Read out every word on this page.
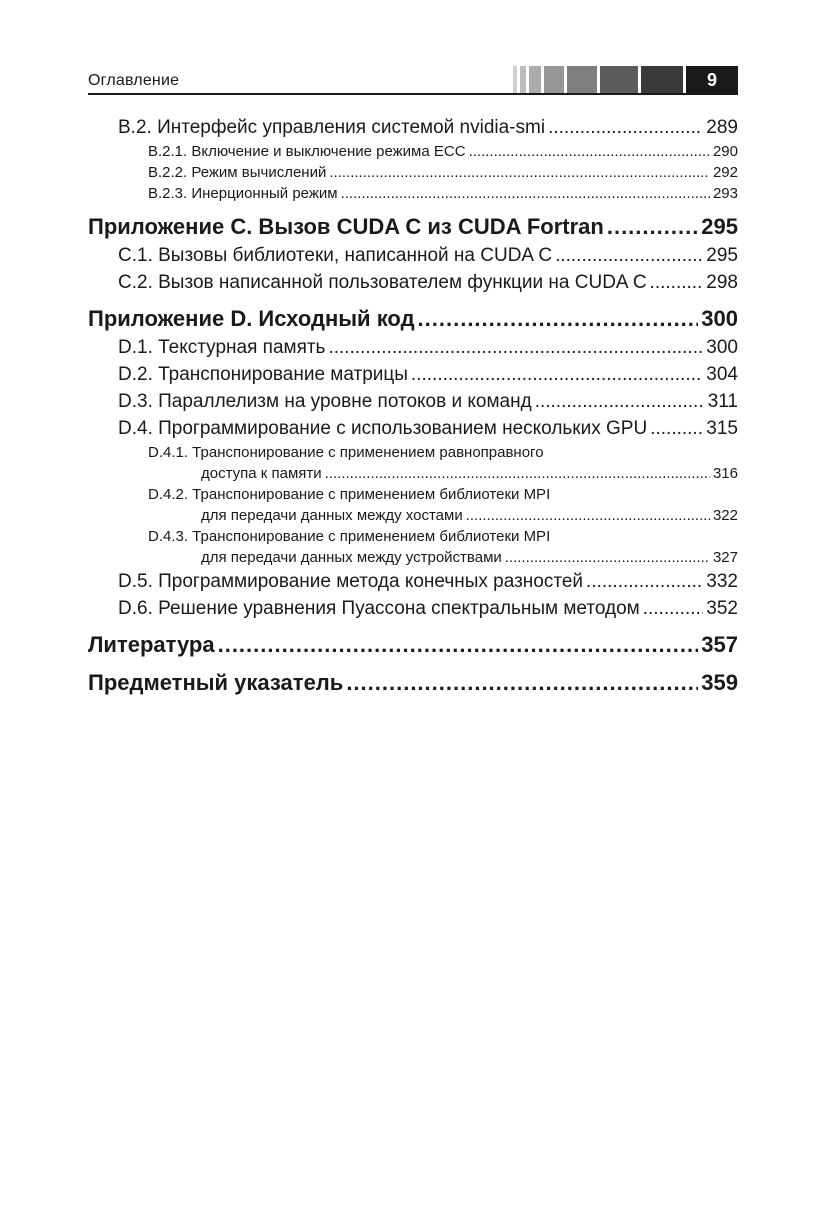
Оглавление	9
B.2. Интерфейс управления системой nvidia-smi .....	289
B.2.1. Включение и выключение режима ECC .....	290
B.2.2. Режим вычислений .....	292
B.2.3. Инерционный режим .....	293
Приложение C. Вызов CUDA C из CUDA Fortran .....	295
C.1. Вызовы библиотеки, написанной на CUDA C .....	295
C.2. Вызов написанной пользователем функции на CUDA C .....	298
Приложение D. Исходный код .....	300
D.1. Текстурная память .....	300
D.2. Транспонирование матрицы .....	304
D.3. Параллелизм на уровне потоков и команд .....	311
D.4. Программирование с использованием нескольких GPU .....	315
D.4.1. Транспонирование с применением равноправного
доступа к памяти .....	316
D.4.2. Транспонирование с применением библиотеки MPI
для передачи данных между хостами .....	322
D.4.3. Транспонирование с применением библиотеки MPI
для передачи данных между устройствами .....	327
D.5. Программирование метода конечных разностей .....	332
D.6. Решение уравнения Пуассона спектральным методом .....	352
Литература .....	357
Предметный указатель .....	359
